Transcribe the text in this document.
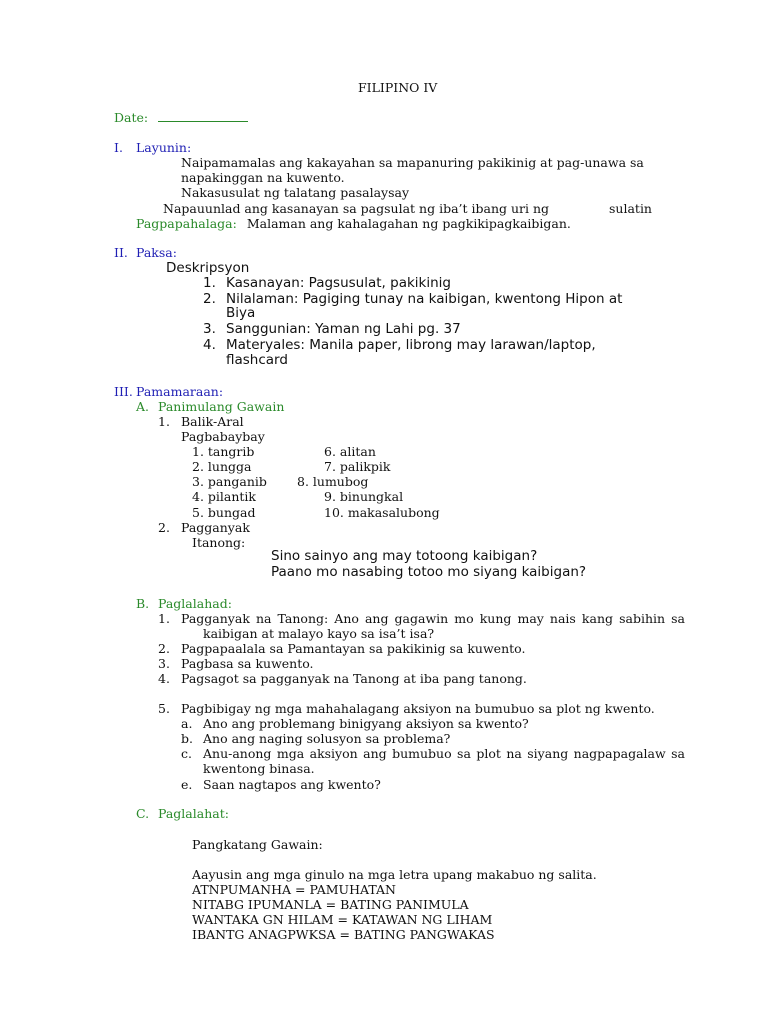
FILIPINO IV
Date:
I. Layunin:
Naipamamalas ang kakayahan sa mapanuring pakikinig at pag-unawa sa
napakinggan na kuwento.
Nakasusulat ng talatang pasalaysay
Napauunlad ang kasanayan sa pagsulat ng iba’t ibang uri ng	sulatin
Pagpapahalaga: Malaman ang kahalagahan ng pagkikipagkaibigan.
II. Paksa:
Deskripsyon
1. Kasanayan: Pagsusulat, pakikinig
2. Nilalaman: Pagiging tunay na kaibigan, kwentong Hipon at
Biya
3. Sanggunian: Yaman ng Lahi pg. 37
4. Materyales: Manila paper, librong may larawan/laptop,
flashcard
III. Pamamaraan:
A. Panimulang Gawain
1. Balik-Aral
Pagbabaybay
1. tangrib
2. lungga
3. panganib
4. pilantik
5. bungad
6. alitan
7. palikpik
8. lumubog
9. binungkal
10. makasalubong
2. Pagganyak
Itanong:
Sino sainyo ang may totoong kaibigan?
Paano mo nasabing totoo mo siyang kaibigan?
B. Paglalahad:
1. Pagganyak na Tanong: Ano ang gagawin mo kung may nais kang sabihin sa
kaibigan at malayo kayo sa isa’t isa?
2. Pagpapaalala sa Pamantayan sa pakikinig sa kuwento.
3. Pagbasa sa kuwento.
4. Pagsagot sa pagganyak na Tanong at iba pang tanong.
5. Pagbibigay ng mga mahahalagang aksiyon na bumubuo sa plot ng kwento.
a. Ano ang problemang binigyang aksiyon sa kwento?
b. Ano ang naging solusyon sa problema?
c. Anu-anong mga aksiyon ang bumubuo sa plot na siyang nagpapagalaw sa
kwentong binasa.
e. Saan nagtapos ang kwento?
C. Paglalahat:
Pangkatang Gawain:
Aayusin ang mga ginulo na mga letra upang makabuo ng salita.
ATNPUMANHA = PAMUHATAN
NITABG IPUMANLA = BATING PANIMULA
WANTAKA GN HILAM = KATAWAN NG LIHAM
IBANTG ANAGPWKSA = BATING PANGWAKAS
